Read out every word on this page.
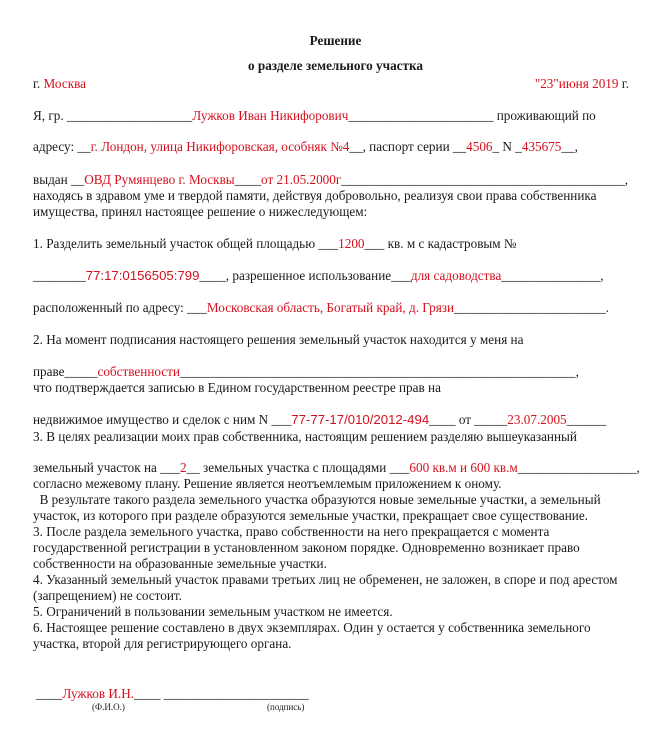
Решение
о разделе земельного участка
г. Москва	"23"июня 2019 г.
Я, гр. ___________________Лужков Иван Никифорович______________________ проживающий по
адресу: __г. Лондон, улица Никифоровская, особняк №4__, паспорт серии __4506_ N _435675__,
выдан __ОВД Румянцево г. Москвы____от 21.05.2000г___________________________________________,
находясь в здравом уме и твердой памяти, действуя добровольно, реализуя свои права собственника
имущества, принял настоящее решение о нижеследующем:
1. Разделить земельный участок общей площадью ___1200___ кв. м с кадастровым №
________77:17:0156505:799____, разрешенное использование___для садоводства_______________,
расположенный по адресу: ___Московская область, Богатый край, д. Грязи_______________________.
2. На момент подписания настоящего решения земельный участок находится у меня на
праве_____собственности____________________________________________________________,
что подтверждается записью в Едином государственном реестре прав на
недвижимое имущество и сделок с ним N ___77-77-17/010/2012-494____ от _____23.07.2005______
3. В целях реализации моих прав собственника, настоящим решением разделяю вышеуказанный
земельный участок на ___2__ земельных участка с площадями ___600 кв.м и 600 кв.м__________________,
согласно межевому плану. Решение является неотъемлемым приложением к оному.
В результате такого раздела земельного участка образуются новые земельные участки, а земельный
участок, из которого при разделе образуются земельные участки, прекращает свое существование.
3. После раздела земельного участка, право собственности на него прекращается с момента
государственной регистрации в установленном законом порядке. Одновременно возникает право
собственности на образованные земельные участки.
4. Указанный земельный участок правами третьих лиц не обременен, не заложен, в споре и под арестом
(запрещением) не состоит.
5. Ограничений в пользовании земельным участком не имеется.
6. Настоящее решение составлено в двух экземплярах. Один у остается у собственника земельного
участка, второй для регистрирующего органа.
____Лужков И.Н.____ ______________________
(Ф.И.О.)	(подпись)
